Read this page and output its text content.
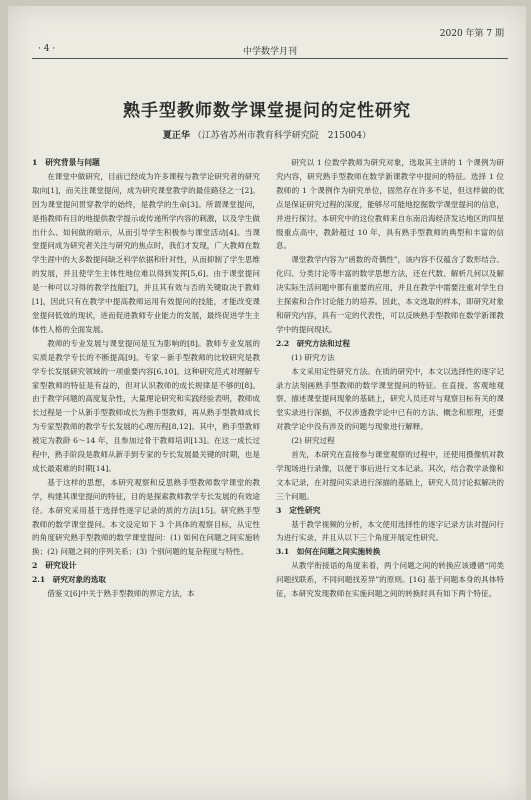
· 4 ·	中学数学月刊
2020 年第 7 期
熟手型教师数学课堂提问的定性研究
夏正华 （江苏省苏州市教育科学研究院　215004）
1　研究背景与问题

在课堂中做研究，目前已经成为许多课程与教学论研究者的研究取向[1]，而关注课堂提问，成为研究课堂教学的最佳路径之一[2]。因为课堂提问贯穿教学的始终，是教学的生命[3]。所谓课堂提问，是指教师有目的地提供教学提示或传递所学内容的刺激，以及学生做出什么、如何做的暗示，从而引导学生积极参与课堂活动[4]。当课堂提问成为研究者关注与研究的焦点时，我们才发现，广大教师在数学生涯中的大多数提问缺乏科学依据和针对性，从而抑制了学生思维的发展，并且使学生主体性地位难以得到发挥[5,6]。由于课堂提问是一种可以习得的教学技能[7]，并且其有效与否的关键取决于教师[1]，因此只有在教学中提高教师运用有效提问的技能，才能改变课堂提问低效的现状，进而促进教师专业能力的发展，最终促进学生主体性人格的全面发展。

教师的专业发展与课堂提问是互为影响的[8]。教师专业发展的实质是教学专长的不断提高[9]。专家－新手型教师的比较研究是教学专长发展研究领域的一项重要内容[6,10]。这种研究范式对理解专家型教师的特征是有益的，但对认识教师的成长规律是不够的[8]。由于教学问题的高度复杂性，大量理论研究和实践经验表明，教师成长过程是一个从新手型教师成长为熟手型教师，再从熟手型教师成长为专家型教师的教学专长发展的心理历程[8,12]。其中，熟手型教师被定为教龄 6～14 年，且参加过骨干教师培训[13]。在这一成长过程中，熟手阶段是教师从新手到专家的专长发展最关键的时期，也是成长最艰难的时期[14]。

基于这样的思想，本研究观察和反思熟手型教师数学课堂的教学，构建其课堂提问的特征，目的是探索教师教学专长发展的有效途径。本研究采用基于选择性逐字记录的质的方法[15]。研究熟手型教师的数学课堂提问。本文设定如下 3 个具体的观察目标，从定性的角度研究熟手型教师的数学课堂提问：(1) 如何在问题之间实施转换；(2) 问题之间的序列关系；(3) 个别问题的复杂程度与特性。

2　研究设计
2.1　研究对象的选取

借鉴文[6]中关于熟手型教师的界定方法，本

研究以 1 位数学教师为研究对象，选取其主讲的 1 个课例为研究内容，研究熟手型教师在数学新课教学中提问的特征。选择 1 位教师的 1 个课例作为研究单位，固然存在许多不足，但这样做的优点是保证研究过程的深度，能够尽可能地挖掘数学课堂提问的信息，并进行探讨。本研究中的这位教师来自东南沿海经济发达地区的四星级重点高中，教龄超过 10 年，具有熟手型教师的典型和丰富的信息。

课堂教学内容为“函数的奇偶性”，该内容不仅蕴含了数形结合、化归、分类讨论等丰富的数学思想方法，还在代数、解析几何以及解决实际生活问题中都有重要的应用，并且在教学中需要注重对学生自主探索和合作讨论能力的培养。因此，本文选取的样本，即研究对象和研究内容，具有一定的代表性，可以反映熟手型教师在数学新课教学中的提问现状。

2.2　研究方法和过程
(1) 研究方法

本文采用定性研究方法。在质的研究中，本文以选择性的逐字记录方法刻画熟手型教师的数学课堂提问的特征。在直接、客观地观察、描述课堂提问现象的基础上，研究人员还对与观察目标有关的课堂实录进行深描，不仅涉透教学论中已有的方法、概念和原理，还要对教学论中没有涉及的问题与现象进行解释。

(2) 研究过程

首先，本研究在直接参与课堂观察的过程中，还使用摄像机对教学现场进行录像，以便于事后进行文本记录。其次，结合教学录像和文本记录，在对提问实录进行深描的基础上，研究人员讨论拟解决的三个问题。

3　定性研究

基于教学视频的分析，本文使用选择性的逐字记录方法对提问行为进行实录，并且从以下三个角度开展定性研究。

3.1　如何在问题之间实施转换

从教学衔接语的角度来看，两个问题之间的转换应该遵循“同类问题找联系，不同问题找差异”的原则。[16] 基于问题本身的具体特征，本研究发现教师在实施问题之间的转换时具有如下两个特征。
